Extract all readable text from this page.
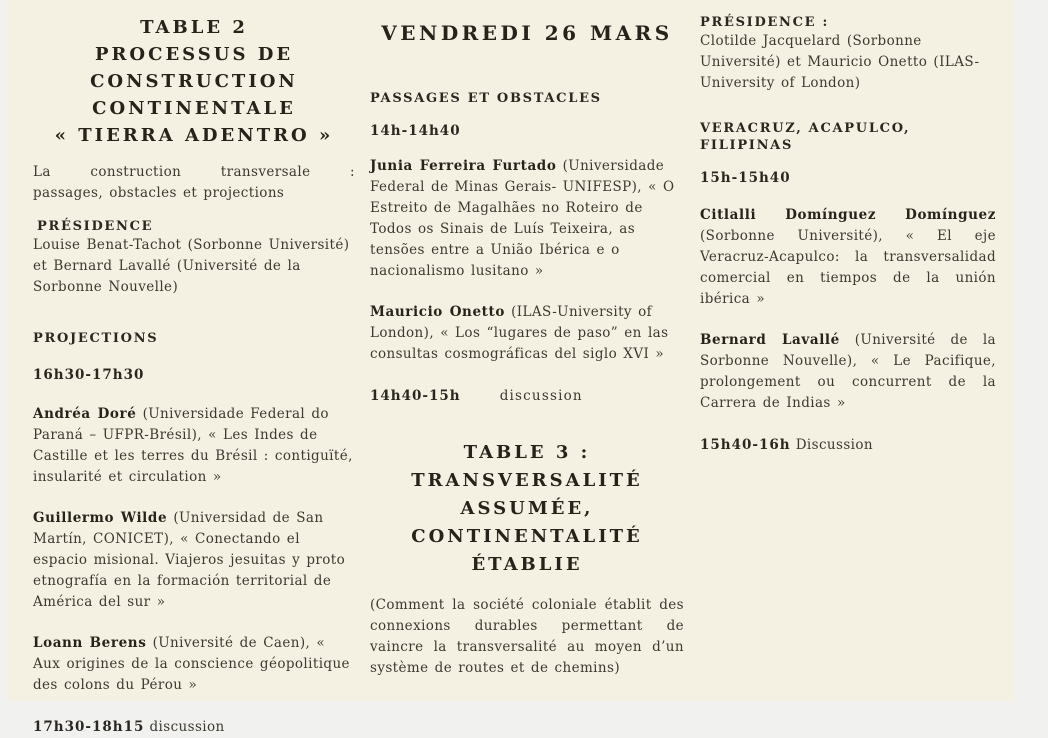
TABLE 2
PROCESSUS DE
CONSTRUCTION
CONTINENTALE
« TIERRA ADENTRO »
La construction transversale :
passages, obstacles et projections
PRÉSIDENCE

Louise Benat-Tachot (Sorbonne Université) et Bernard Lavallé (Université de la Sorbonne Nouvelle)

PROJECTIONS
16h30-17h30

Andréa Doré (Universidade Federal do Paraná – UFPR-Brésil), « Les Indes de Castille et les terres du Brésil : contiguïté, insularité et circulation »

Guillermo Wilde (Universidad de San Martín, CONICET), « Conectando el espacio misional. Viajeros jesuitas y proto etnografía en la formación territorial de América del sur »

Loann Berens (Université de Caen), « Aux origines de la conscience géopolitique des colons du Pérou »

17h30-18h15 discussion
VENDREDI 26 MARS
PASSAGES ET OBSTACLES
14h-14h40

Junia Ferreira Furtado (Universidade Federal de Minas Gerais- UNIFESP), « O Estreito de Magalhães no Roteiro de Todos os Sinais de Luís Teixeira, as tensões entre a União Ibérica e o nacionalismo lusitano »

Mauricio Onetto (ILAS-University of London), « Los “lugares de paso” en las consultas cosmográficas del siglo XVI »

14h40-15h	discussion
TABLE 3 :
TRANSVERSALITÉ
ASSUMÉE,
CONTINENTALITÉ
ÉTABLIE

(Comment la société coloniale établit des connexions durables permettant de vaincre la transversalité au moyen d’un système de routes et de chemins)

PRÉSIDENCE :

Clotilde Jacquelard (Sorbonne Université) et Mauricio Onetto (ILAS-University of London)

VERACRUZ, ACAPULCO, FILIPINAS
15h-15h40

Citlalli Domínguez Domínguez (Sorbonne Université), « El eje Veracruz-Acapulco: la transversalidad comercial en tiempos de la unión ibérica »

Bernard Lavallé (Université de la Sorbonne Nouvelle), « Le Pacifique, prolongement ou concurrent de la Carrera de Indias »

15h40-16h Discussion
